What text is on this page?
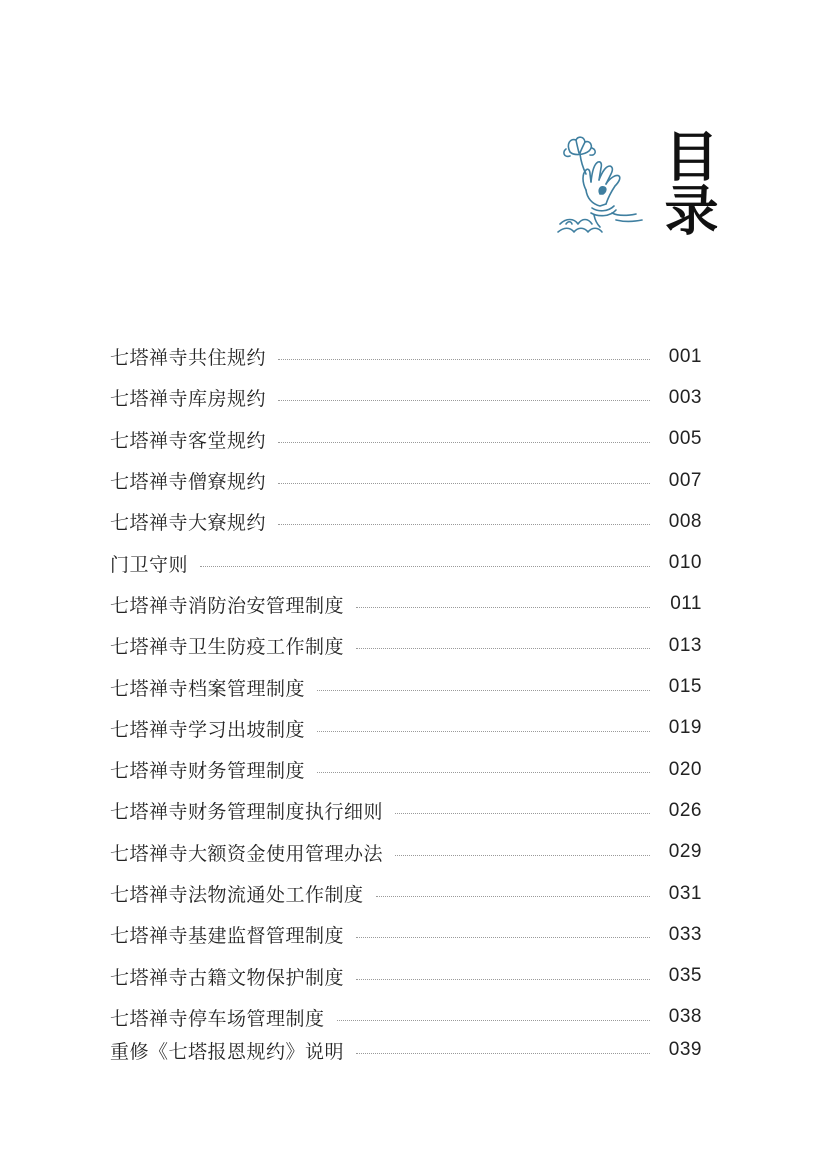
目录
七塔禅寺共住规约	001
七塔禅寺库房规约	003
七塔禅寺客堂规约	005
七塔禅寺僧寮规约	007
七塔禅寺大寮规约	008
门卫守则	010
七塔禅寺消防治安管理制度	011
七塔禅寺卫生防疫工作制度	013
七塔禅寺档案管理制度	015
七塔禅寺学习出坡制度	019
七塔禅寺财务管理制度	020
七塔禅寺财务管理制度执行细则	026
七塔禅寺大额资金使用管理办法	029
七塔禅寺法物流通处工作制度	031
七塔禅寺基建监督管理制度	033
七塔禅寺古籍文物保护制度	035
七塔禅寺停车场管理制度	038
重修《七塔报恩规约》说明	039
